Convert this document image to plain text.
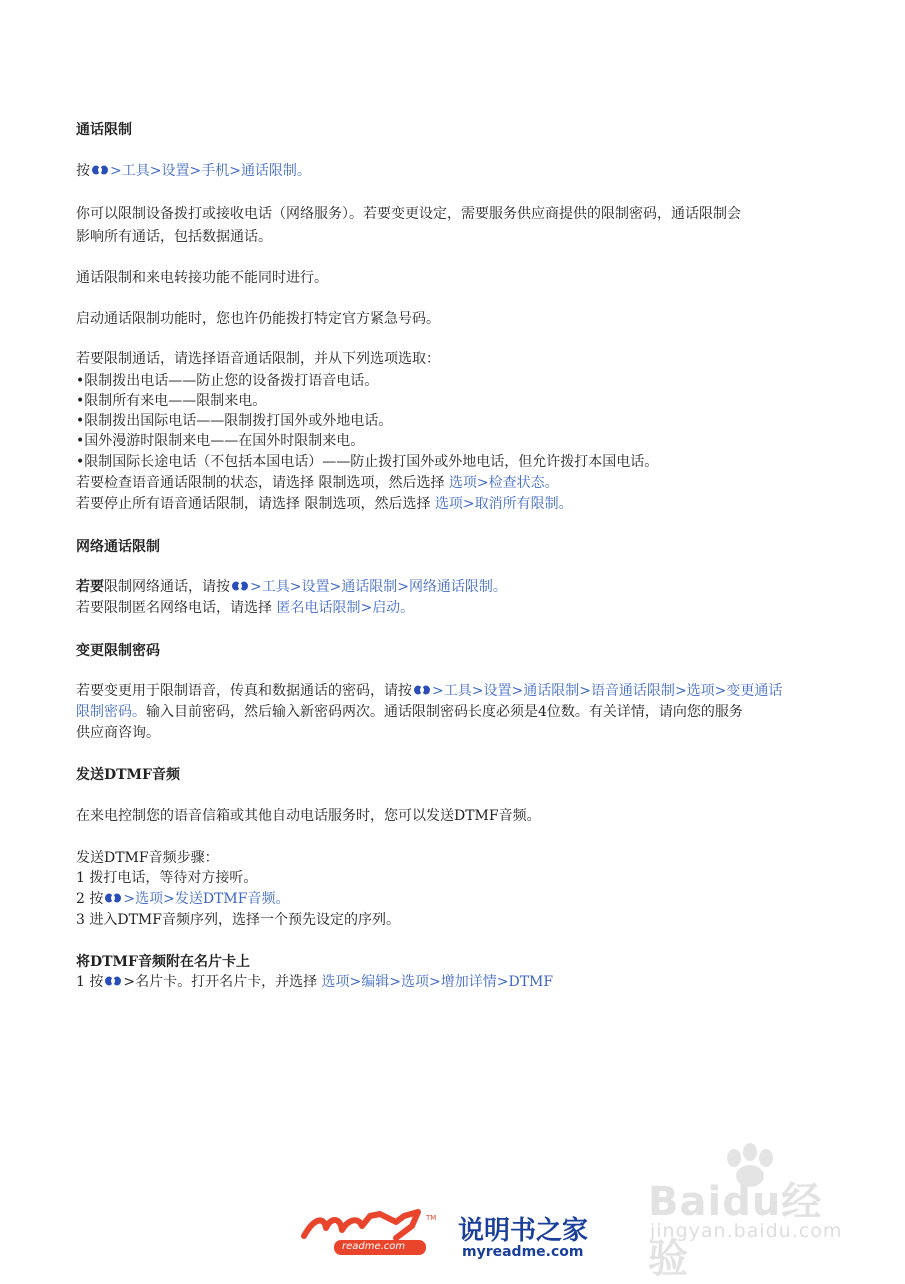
通话限制
按 >工具>设置>手机>通话限制。
你可以限制设备拨打或接收电话（网络服务）。若要变更设定，需要服务供应商提供的限制密码，通话限制会
影响所有通话，包括数据通话。
通话限制和来电转接功能不能同时进行。
启动通话限制功能时，您也许仍能拨打特定官方紧急号码。
若要限制通话，请选择语音通话限制，并从下列选项选取：
•限制拨出电话——防止您的设备拨打语音电话。
•限制所有来电——限制来电。
•限制拨出国际电话——限制拨打国外或外地电话。
•国外漫游时限制来电——在国外时限制来电。
•限制国际长途电话（不包括本国电话）——防止拨打国外或外地电话，但允许拨打本国电话。
若要检查语音通话限制的状态，请选择 限制选项，然后选择 选项>检查状态。
若要停止所有语音通话限制，请选择 限制选项，然后选择 选项>取消所有限制。
网络通话限制
若要限制网络通话，请按 >工具>设置>通话限制>网络通话限制。
若要限制匿名网络电话，请选择 匿名电话限制>启动。
变更限制密码
若要变更用于限制语音，传真和数据通话的密码，请按 >工具>设置>通话限制>语音通话限制>选项>变更通话
限制密码。输入目前密码，然后输入新密码两次。通话限制密码长度必须是4位数。有关详情，请向您的服务
供应商咨询。
发送DTMF音频
在来电控制您的语音信箱或其他自动电话服务时，您可以发送DTMF音频。
发送DTMF音频步骤：
1 拨打电话，等待对方接听。
2 按 >选项>发送DTMF音频。
3 进入DTMF音频序列，选择一个预先设定的序列。
将DTMF音频附在名片卡上
1 按 >名片卡。打开名片卡，并选择 选项>编辑>选项>增加详情>DTMF
Baidu经验
jingyan.baidu.com
TM
readme.com
说明书之家
myreadme.com
